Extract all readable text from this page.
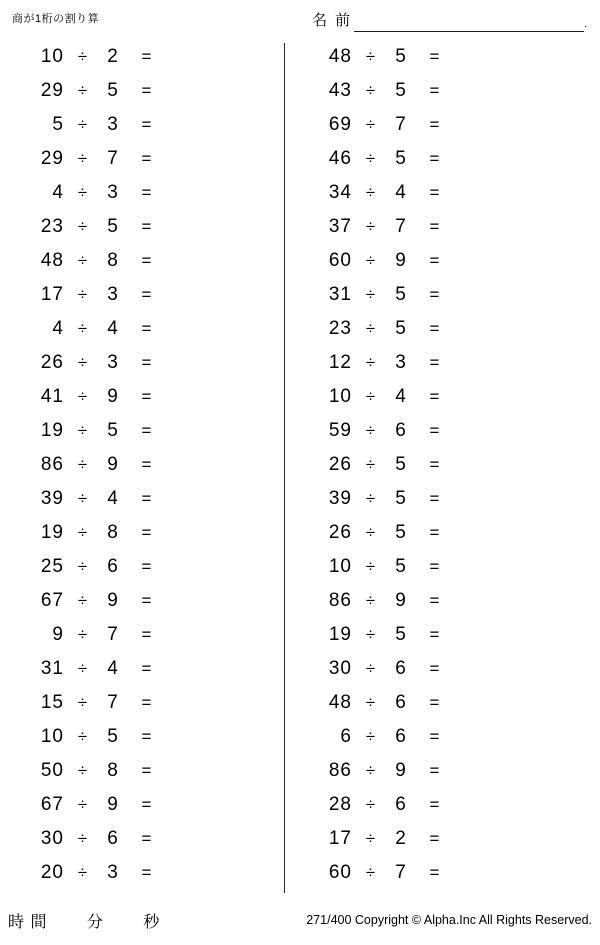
商が1桁の割り算	名 前	.
10 ÷	2	=
29 ÷	5	=
5 ÷	3	=
29 ÷	7	=
4 ÷	3	=
23 ÷	5	=
48 ÷	8	=
17 ÷	3	=
4 ÷	4	=
26 ÷	3	=
41 ÷	9	=
19 ÷	5	=
86 ÷	9	=
39 ÷	4	=
19 ÷	8	=
25 ÷	6	=
67 ÷	9	=
9 ÷	7	=
31 ÷	4	=
15 ÷	7	=
10 ÷	5	=
50 ÷	8	=
67 ÷	9	=
30 ÷	6	=
20 ÷	3	=
48 ÷	5	=
43 ÷	5	=
69 ÷	7	=
46 ÷	5	=
34 ÷	4	=
37 ÷	7	=
60 ÷	9	=
31 ÷	5	=
23 ÷	5	=
12 ÷	3	=
10 ÷	4	=
59 ÷	6	=
26 ÷	5	=
39 ÷	5	=
26 ÷	5	=
10 ÷	5	=
86 ÷	9	=
19 ÷	5	=
30 ÷	6	=
48 ÷	6	=
6 ÷	6	=
86 ÷	9	=
28 ÷	6	=
17 ÷	2	=
60 ÷	7	=
時 間 分 秒	271/400 Copyright © Alpha.Inc All Rights Reserved.
